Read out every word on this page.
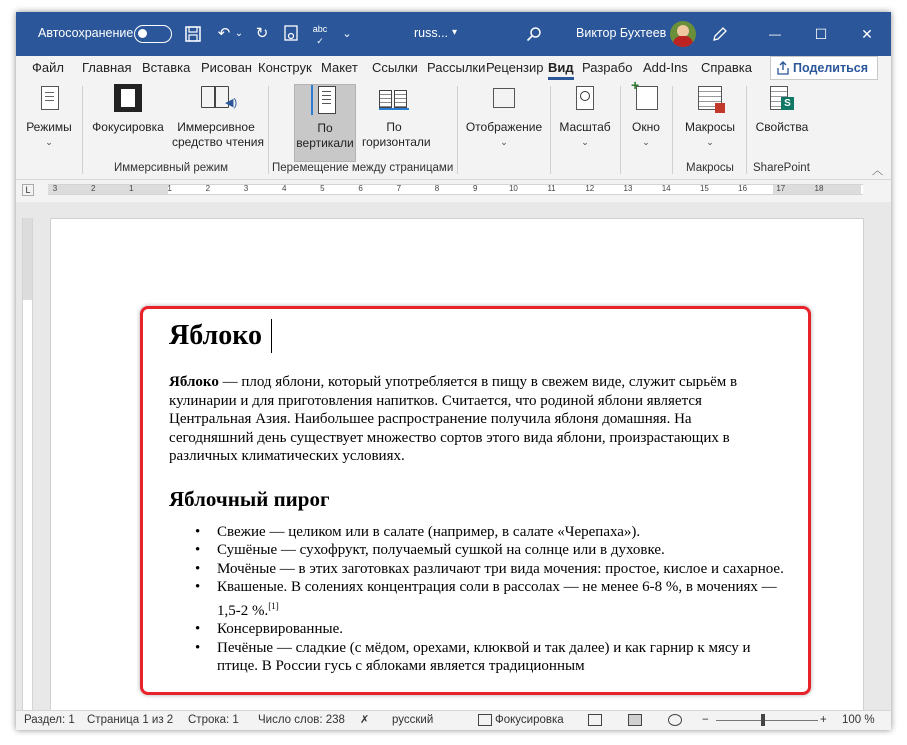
Автосохранение	↶ ⌄ ↻	abc
✓
⌄	russ... ▾	Виктор Бухтеев	—	☐	✕
Файл Главная Вставка Рисован Конструк Макет Ссылки Рассылки Рецензир Вид Разрабо Add-Ins Справка	Поделиться
Режимы
⌄
Фокусировка
◀)
Иммерсивное
средство чтения
Иммерсивный режим
По
вертикали
По
горизонтали
Перемещение между страницами
Отображение
⌄
Масштаб
⌄
+
Окно
⌄
Макросы
⌄
Макросы
S
Свойства
SharePoint	︿
L	3	2	1	1	2	3	4	5	6	7	8	9	10	11	12	13	14	15	16	17	18
Яблоко
Яблоко — плод яблони, который употребляется в пищу в свежем виде, служит сырьём в кулинарии и для приготовления напитков. Считается, что родиной яблони является Центральная Азия. Наибольшее распространение получила яблоня домашняя. На сегодняшний день существует множество сортов этого вида яблони, произрастающих в различных климатических условиях.
Яблочный пирог
• Свежие — целиком или в салате (например, в салате «Черепаха»).
• Сушёные — сухофрукт, получаемый сушкой на солнце или в духовке.
• Мочёные — в этих заготовках различают три вида мочения: простое, кислое и сахарное.
• Квашеные. В солениях концентрация соли в рассолах — не менее 6-8 %, в мочениях — 1,5-2 %.[1]
• Консервированные.
• Печёные — сладкие (с мёдом, орехами, клюквой и так далее) и как гарнир к мясу и птице. В России гусь с яблоками является традиционным
Раздел: 1 Страница 1 из 2 Строка: 1 Число слов: 238 ✗	русский	Фокусировка	−	+ 100 %
